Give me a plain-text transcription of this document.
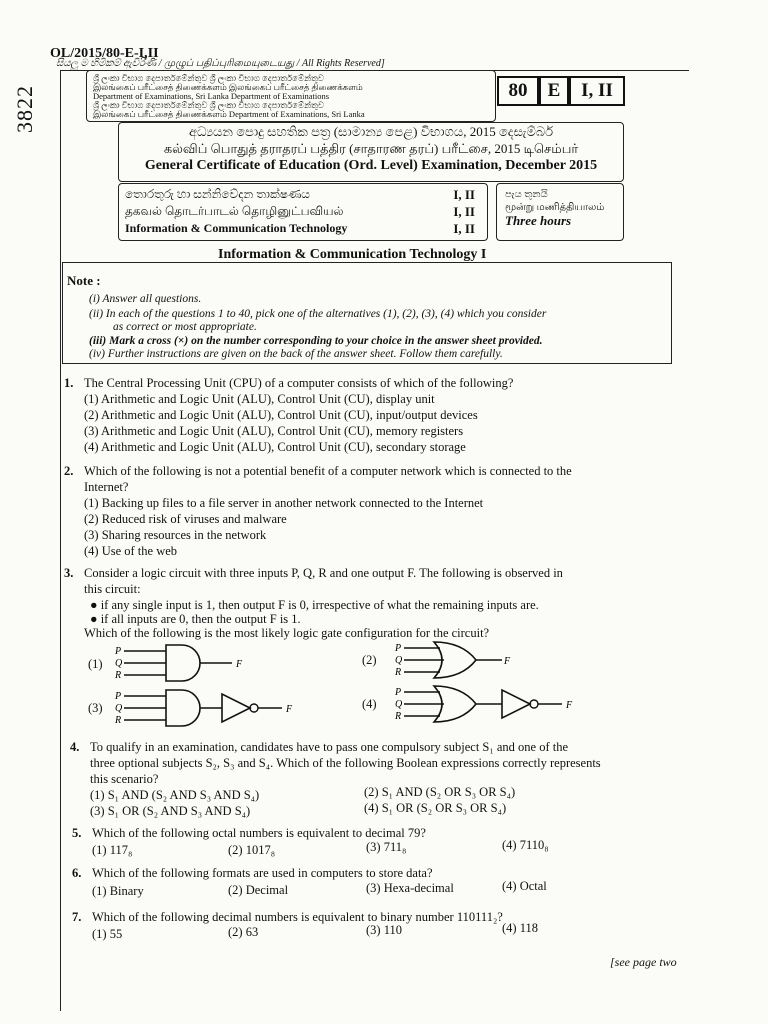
3822
OL/2015/80-E-I,II
සියලු ම හිමිකම් ඇවිරිණි / முழுப் பதிப்புரிமையுடையது / All Rights Reserved]
ශ්‍රී ලංකා විභාග දෙපාර්තමේන්තුව ශ්‍රී ලංකා විභාග දෙපාර්තමේන්තුව
இலங்கைப் பரீட்சைத் திணைக்களம் இலங்கைப் பரீட்சைத் திணைக்களம்
Department of Examinations, Sri Lanka Department of Examinations
ශ්‍රී ලංකා විභාග දෙපාර්තමේන්තුව ශ්‍රී ලංකා විභාග දෙපාර්තමේන්තුව
இலங்கைப் பரீட்சைத் திணைக்களம் Department of Examinations, Sri Lanka
80	E	I, II
අධ්‍යයන පොදු සහතික පත්‍ර (සාමාන්‍ය පෙළ) විභාගය, 2015 දෙසැම්බර්
கல்விப் பொதுத் தராதரப் பத்திர (சாதாரண தரப்) பரீட்சை, 2015 டிசெம்பர்
General Certificate of Education (Ord. Level) Examination, December 2015
තොරතුරු හා සන්නිවේදන තාක්ෂණය	I, II
தகவல் தொடர்பாடல் தொழினுட்பவியல்	I, II
Information & Communication Technology	I, II
පැය තුනයි
மூன்று மணித்தியாலம்
Three hours
Information & Communication Technology I
Note :
(i) Answer all questions.
(ii) In each of the questions 1 to 40, pick one of the alternatives (1), (2), (3), (4) which you consider
as correct or most appropriate.
(iii) Mark a cross (×) on the number corresponding to your choice in the answer sheet provided.
(iv) Further instructions are given on the back of the answer sheet. Follow them carefully.
1. The Central Processing Unit (CPU) of a computer consists of which of the following?
(1) Arithmetic and Logic Unit (ALU), Control Unit (CU), display unit
(2) Arithmetic and Logic Unit (ALU), Control Unit (CU), input/output devices
(3) Arithmetic and Logic Unit (ALU), Control Unit (CU), memory registers
(4) Arithmetic and Logic Unit (ALU), Control Unit (CU), secondary storage
2. Which of the following is not a potential benefit of a computer network which is connected to the
Internet?
(1) Backing up files to a file server in another network connected to the Internet
(2) Reduced risk of viruses and malware
(3) Sharing resources in the network
(4) Use of the web
3. Consider a logic circuit with three inputs P, Q, R and one output F. The following is observed in
this circuit:
● if any single input is 1, then output F is 0, irrespective of what the remaining inputs are.
● if all inputs are 0, then the output F is 1.
Which of the following is the most likely logic gate configuration for the circuit?
(1)
P
Q
R
F	(2)
P
Q
R
F
(3)
P
Q
R
F	(4)
P
Q
R
F
4. To qualify in an examination, candidates have to pass one compulsory subject S₁ and one of the
three optional subjects S₂, S₃ and S₄. Which of the following Boolean expressions correctly represents
this scenario?
(1) S₁ AND (S₂ AND S₃ AND S₄)	(2) S₁ AND (S₂ OR S₃ OR S₄)
(3) S₁ OR (S₂ AND S₃ AND S₄)	(4) S₁ OR (S₂ OR S₃ OR S₄)
5. Which of the following octal numbers is equivalent to decimal 79?
(1) 117₈	(2) 1017₈	(3) 711₈	(4) 7110₈
6. Which of the following formats are used in computers to store data?
(1) Binary	(2) Decimal	(3) Hexa-decimal	(4) Octal
7. Which of the following decimal numbers is equivalent to binary number 110111₂?
(1) 55	(2) 63	(3) 110	(4) 118
[see page two
